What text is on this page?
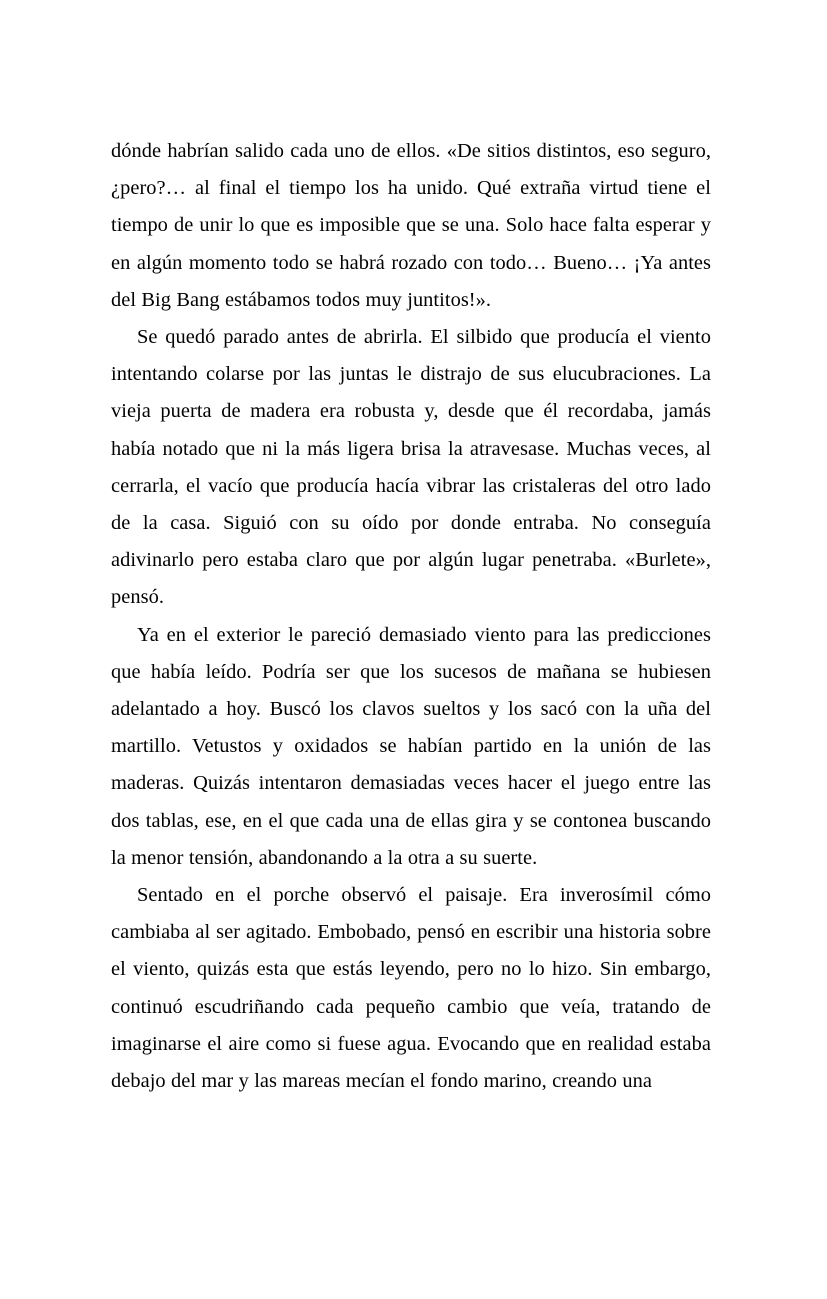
dónde habrían salido cada uno de ellos. «De sitios distintos, eso seguro, ¿pero?… al final el tiempo los ha unido. Qué extraña virtud tiene el tiempo de unir lo que es imposible que se una. Solo hace falta esperar y en algún momento todo se habrá rozado con todo… Bueno… ¡Ya antes del Big Bang estábamos todos muy juntitos!».

Se quedó parado antes de abrirla. El silbido que producía el viento intentando colarse por las juntas le distrajo de sus elucubraciones. La vieja puerta de madera era robusta y, desde que él recordaba, jamás había notado que ni la más ligera brisa la atravesase. Muchas veces, al cerrarla, el vacío que producía hacía vibrar las cristaleras del otro lado de la casa. Siguió con su oído por donde entraba. No conseguía adivinarlo pero estaba claro que por algún lugar penetraba. «Burlete», pensó.

Ya en el exterior le pareció demasiado viento para las predicciones que había leído. Podría ser que los sucesos de mañana se hubiesen adelantado a hoy. Buscó los clavos sueltos y los sacó con la uña del martillo. Vetustos y oxidados se habían partido en la unión de las maderas. Quizás intentaron demasiadas veces hacer el juego entre las dos tablas, ese, en el que cada una de ellas gira y se contonea buscando la menor tensión, abandonando a la otra a su suerte.

Sentado en el porche observó el paisaje. Era inverosímil cómo cambiaba al ser agitado. Embobado, pensó en escribir una historia sobre el viento, quizás esta que estás leyendo, pero no lo hizo. Sin embargo, continuó escudriñando cada pequeño cambio que veía, tratando de imaginarse el aire como si fuese agua. Evocando que en realidad estaba debajo del mar y las mareas mecían el fondo marino, creando una
